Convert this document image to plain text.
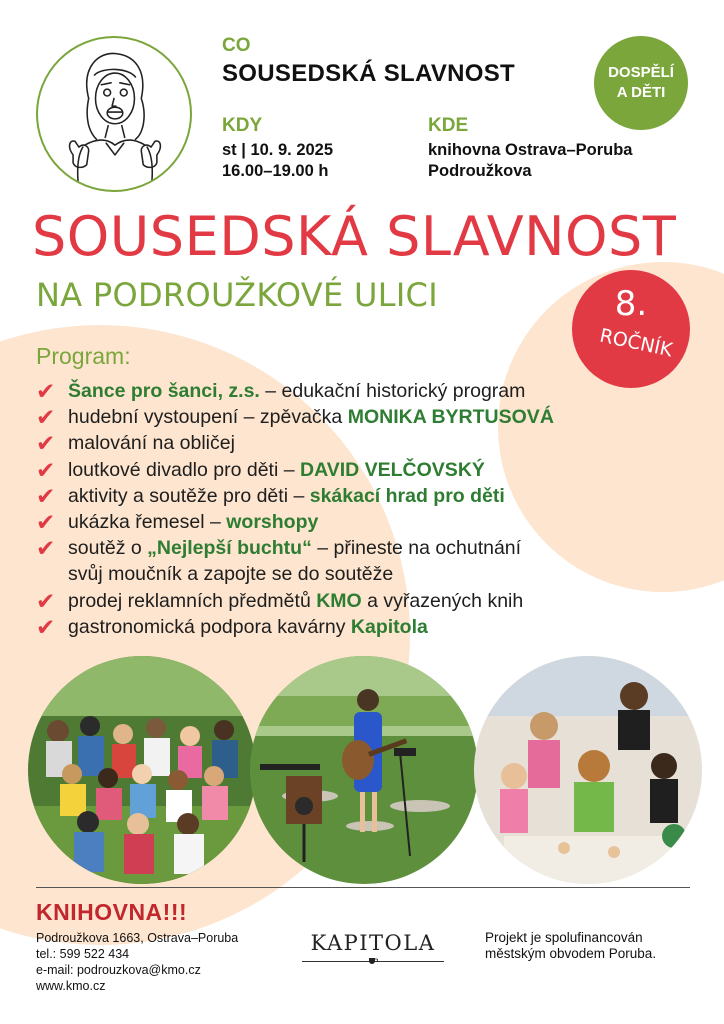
CO
SOUSEDSKÁ SLAVNOST
KDY
st | 10. 9. 2025
16.00–19.00 h
KDE
knihovna Ostrava–Poruba
Podroužkova
DOSPĚLÍ
A DĚTI
SOUSEDSKÁ SLAVNOST
NA PODROUŽKOVÉ ULICI	8.
ROČNÍK
Program:
✔ Šance pro šanci, z.s. – edukační historický program
✔ hudební vystoupení – zpěvačka MONIKA BYRTUSOVÁ
✔ malování na obličej
✔ loutkové divadlo pro děti – DAVID VELČOVSKÝ
✔ aktivity a soutěže pro děti – skákací hrad pro děti
✔ ukázka řemesel – worshopy
✔ soutěž o „Nejlepší buchtu“ – přineste na ochutnání
svůj moučník a zapojte se do soutěže
✔ prodej reklamních předmětů KMO a vyřazených knih
✔ gastronomická podpora kavárny Kapitola
KNIHOVNA!!!
Podroužkova 1663, Ostrava–Poruba
tel.: 599 522 434
e-mail: podrouzkova@kmo.cz
www.kmo.cz
KAPITOLA	Projekt je spolufinancován
městským obvodem Poruba.
